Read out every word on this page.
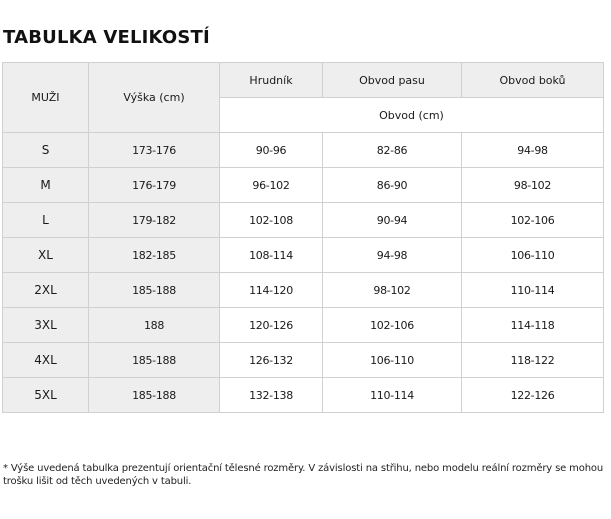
TABULKA VELIKOSTÍ
MUŽI	Výška (cm)	Hrudník	Obvod pasu	Obvod boků
		Obvod (cm)		
S	173-176	90-96	82-86	94-98
M	176-179	96-102	86-90	98-102
L	179-182	102-108	90-94	102-106
XL	182-185	108-114	94-98	106-110
2XL	185-188	114-120	98-102	110-114
3XL	188	120-126	102-106	114-118
4XL	185-188	126-132	106-110	118-122
5XL	185-188	132-138	110-114	122-126
* Výše uvedená tabulka prezentují orientační tělesné rozměry. V závislosti na střihu, nebo modelu reální rozměry se mohou trošku lišit od těch uvedených v tabuli.
